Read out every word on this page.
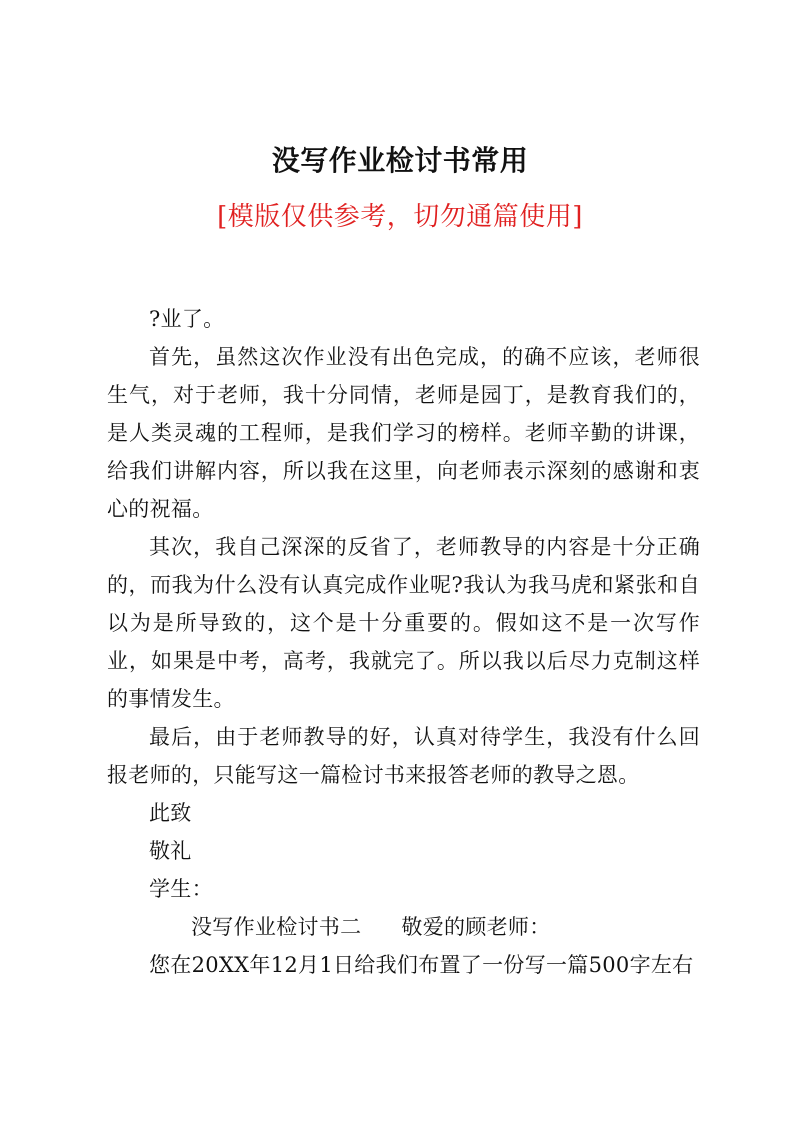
没写作业检讨书常用
[模版仅供参考，切勿通篇使用]

?业了。

首先，虽然这次作业没有出色完成，的确不应该，老师很生气，对于老师，我十分同情，老师是园丁，是教育我们的，是人类灵魂的工程师，是我们学习的榜样。老师辛勤的讲课，给我们讲解内容，所以我在这里，向老师表示深刻的感谢和衷心的祝福。

其次，我自己深深的反省了，老师教导的内容是十分正确的，而我为什么没有认真完成作业呢?我认为我马虎和紧张和自以为是所导致的，这个是十分重要的。假如这不是一次写作业，如果是中考，高考，我就完了。所以我以后尽力克制这样的事情发生。

最后，由于老师教导的好，认真对待学生，我没有什么回报老师的，只能写这一篇检讨书来报答老师的教导之恩。

此致

敬礼

学生：

没写作业检讨书二 敬爱的顾老师：

您在20XX年12月1日给我们布置了一份写一篇500字左右
